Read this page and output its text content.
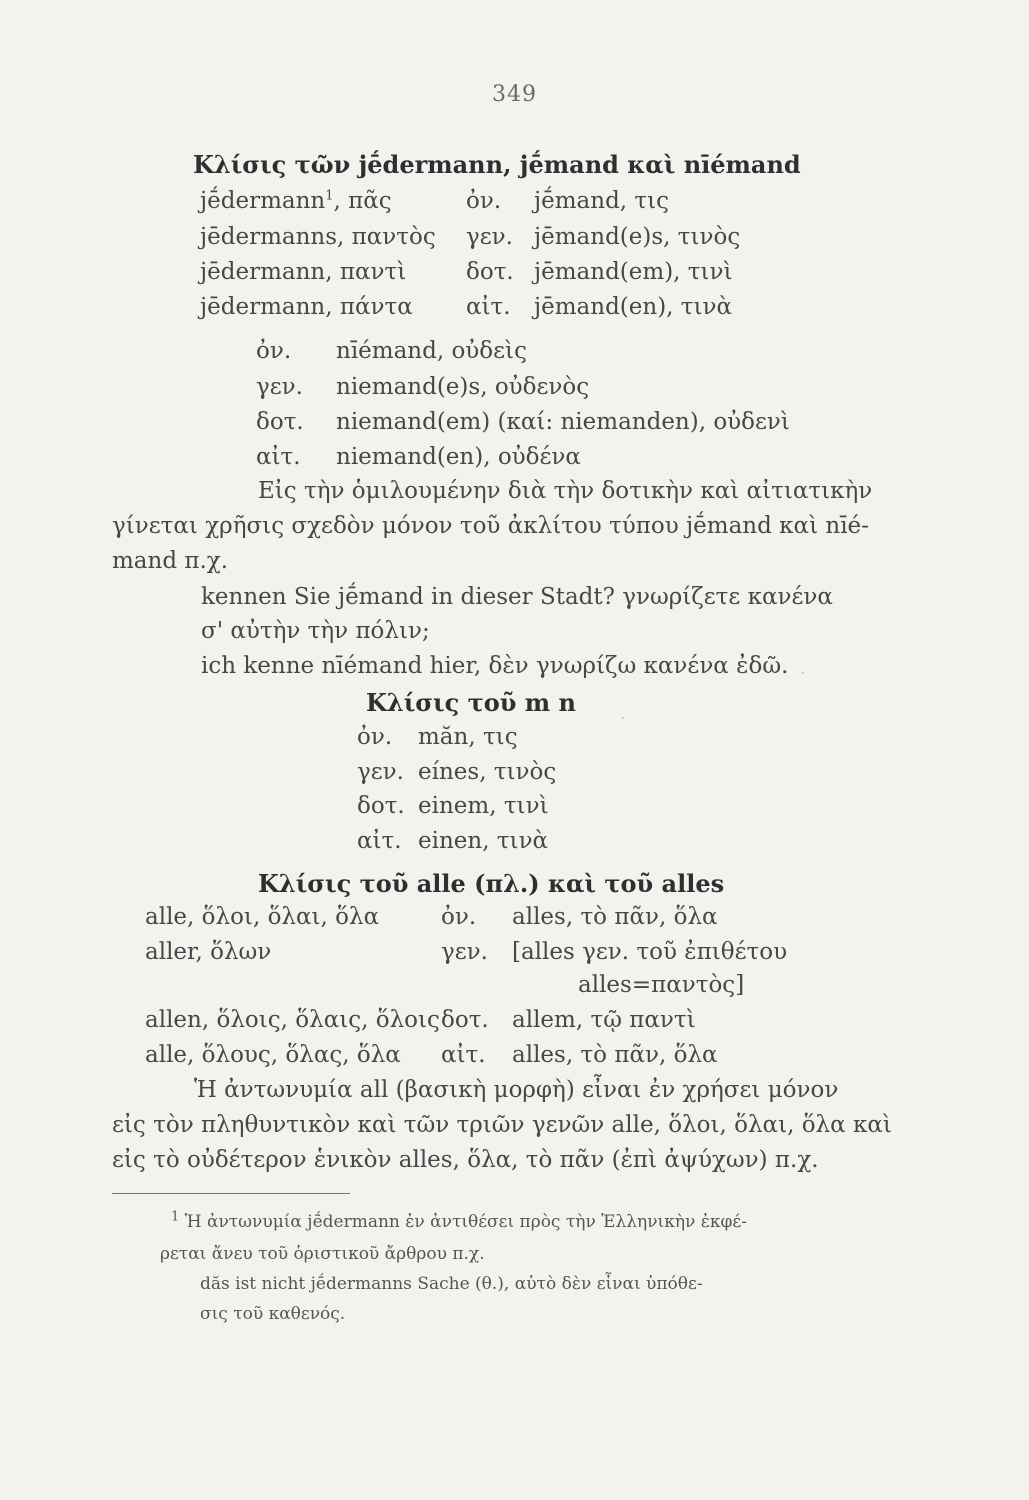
349
Κλίσις τῶν jḗdermann, jḗmand καὶ nīémand
jḗdermann$^1$, πᾶς
jēdermanns, παντὸς
jēdermann, παντὶ
jēdermann, πάντα
ὀν.
γεν.
δοτ.
αἰτ.
jḗmand, τις
jēmand(e)s, τινὸς
jēmand(em), τινὶ
jēmand(en), τινὰ
ὀν.
γεν.
δοτ.
αἰτ.
nīémand, οὐδεὶς
niemand(e)s, οὐδενὸς
niemand(em) (καί: niemanden), οὐδενὶ
niemand(en), οὐδένα
Εἰς τὴν ὁμιλουμένην διὰ τὴν δοτικὴν καὶ αἰτιατικὴν
γίνεται χρῆσις σχεδὸν μόνον τοῦ ἀκλίτου τύπου jḗmand καὶ nīé-
mand π.χ.
kennen Sie jḗmand in dieser Stadt? γνωρίζετε κανένα
σ' αὐτὴν τὴν πόλιν;
ich kenne nīémand hier, δὲν γνωρίζω κανένα ἐδῶ.
Κλίσις τοῦ m n
ὀν.
γεν.
δοτ.
αἰτ.
măn, τις
eínes, τινὸς
einem, τινὶ
einen, τινὰ
Κλίσις τοῦ alle (πλ.) καὶ τοῦ alles
alle, ὅλοι, ὅλαι, ὅλα
aller, ὅλων
allen, ὅλοις, ὅλαις, ὅλοις
alle, ὅλους, ὅλας, ὅλα
ὀν.
γεν.
δοτ.
αἰτ.
alles, τὸ πᾶν, ὅλα
[alles γεν. τοῦ ἐπιθέτου
alles=παντὸς]
allem, τῷ παντὶ
alles, τὸ πᾶν, ὅλα
Ἡ ἀντωνυμία all (βασικὴ μορφὴ) εἶναι ἐν χρήσει μόνον
εἰς τὸν πληθυντικὸν καὶ τῶν τριῶν γενῶν alle, ὅλοι, ὅλαι, ὅλα καὶ
εἰς τὸ οὐδέτερον ἑνικὸν alles, ὅλα, τὸ πᾶν (ἐπὶ ἀψύχων) π.χ.
$^1$ Ἡ ἀντωνυμία jḗdermann ἐν ἀντιθέσει πρὸς τὴν Ἑλληνικὴν ἐκφέ-
ρεται ἄνευ τοῦ ὁριστικοῦ ἄρθρου π.χ.
dăs ist nicht jḗdermanns Sache (θ.), αὐτὸ δὲν εἶναι ὑπόθε-
σις τοῦ καθενός.
